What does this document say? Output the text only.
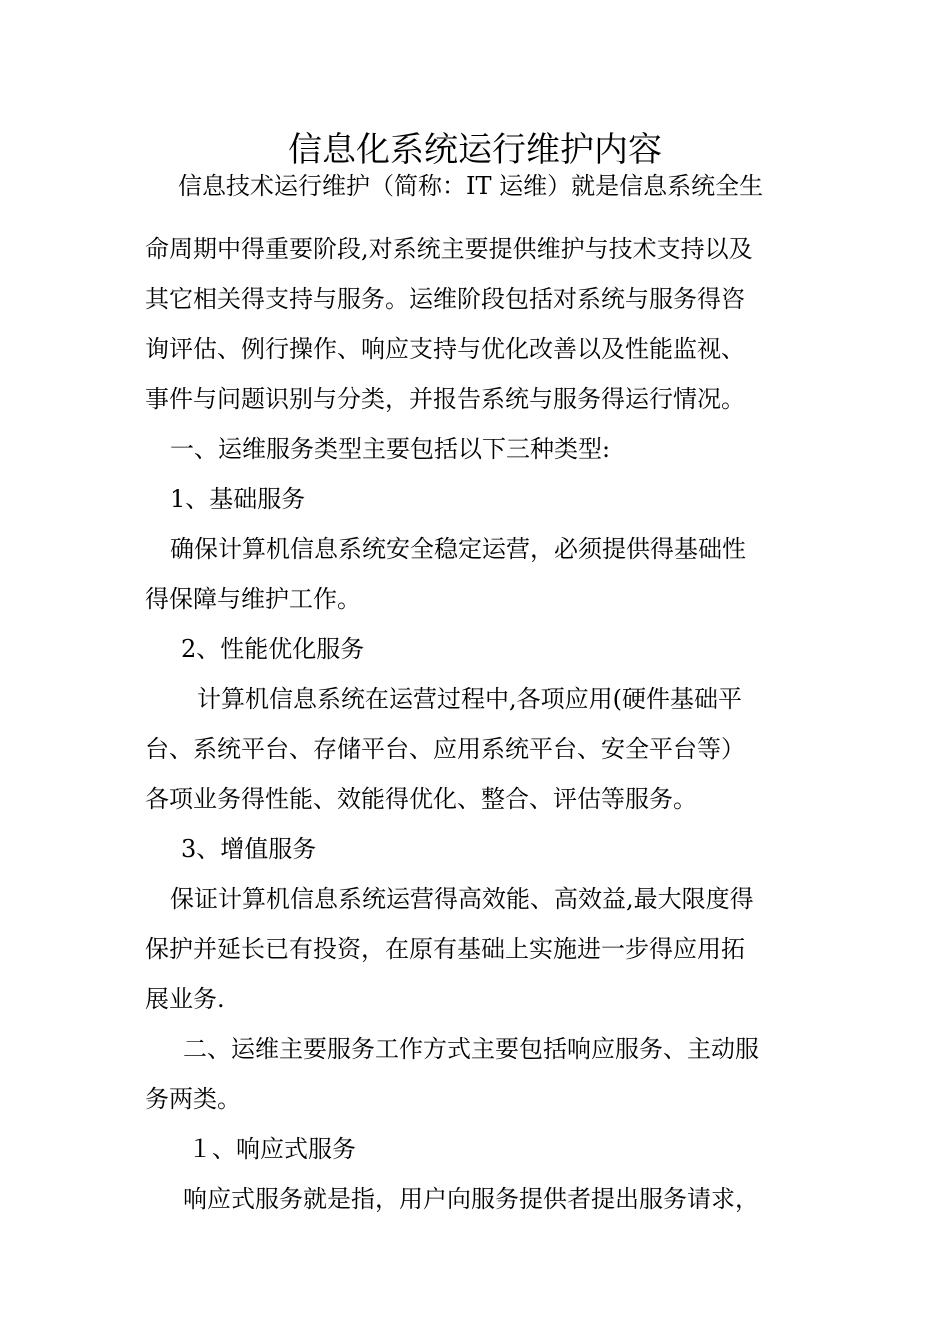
信息化系统运行维护内容
信息技术运行维护（简称：IT 运维）就是信息系统全生
命周期中得重要阶段,对系统主要提供维护与技术支持以及
其它相关得支持与服务。运维阶段包括对系统与服务得咨
询评估、例行操作、响应支持与优化改善以及性能监视、
事件与问题识别与分类，并报告系统与服务得运行情况。
一、运维服务类型主要包括以下三种类型:
1、基础服务
确保计算机信息系统安全稳定运营，必须提供得基础性
得保障与维护工作。
2、性能优化服务
计算机信息系统在运营过程中,各项应用(硬件基础平
台、系统平台、存储平台、应用系统平台、安全平台等）
各项业务得性能、效能得优化、整合、评估等服务。
3、增值服务
保证计算机信息系统运营得高效能、高效益,最大限度得
保护并延长已有投资，在原有基础上实施进一步得应用拓
展业务.
二、运维主要服务工作方式主要包括响应服务、主动服
务两类。
１、响应式服务
响应式服务就是指，用户向服务提供者提出服务请求，
